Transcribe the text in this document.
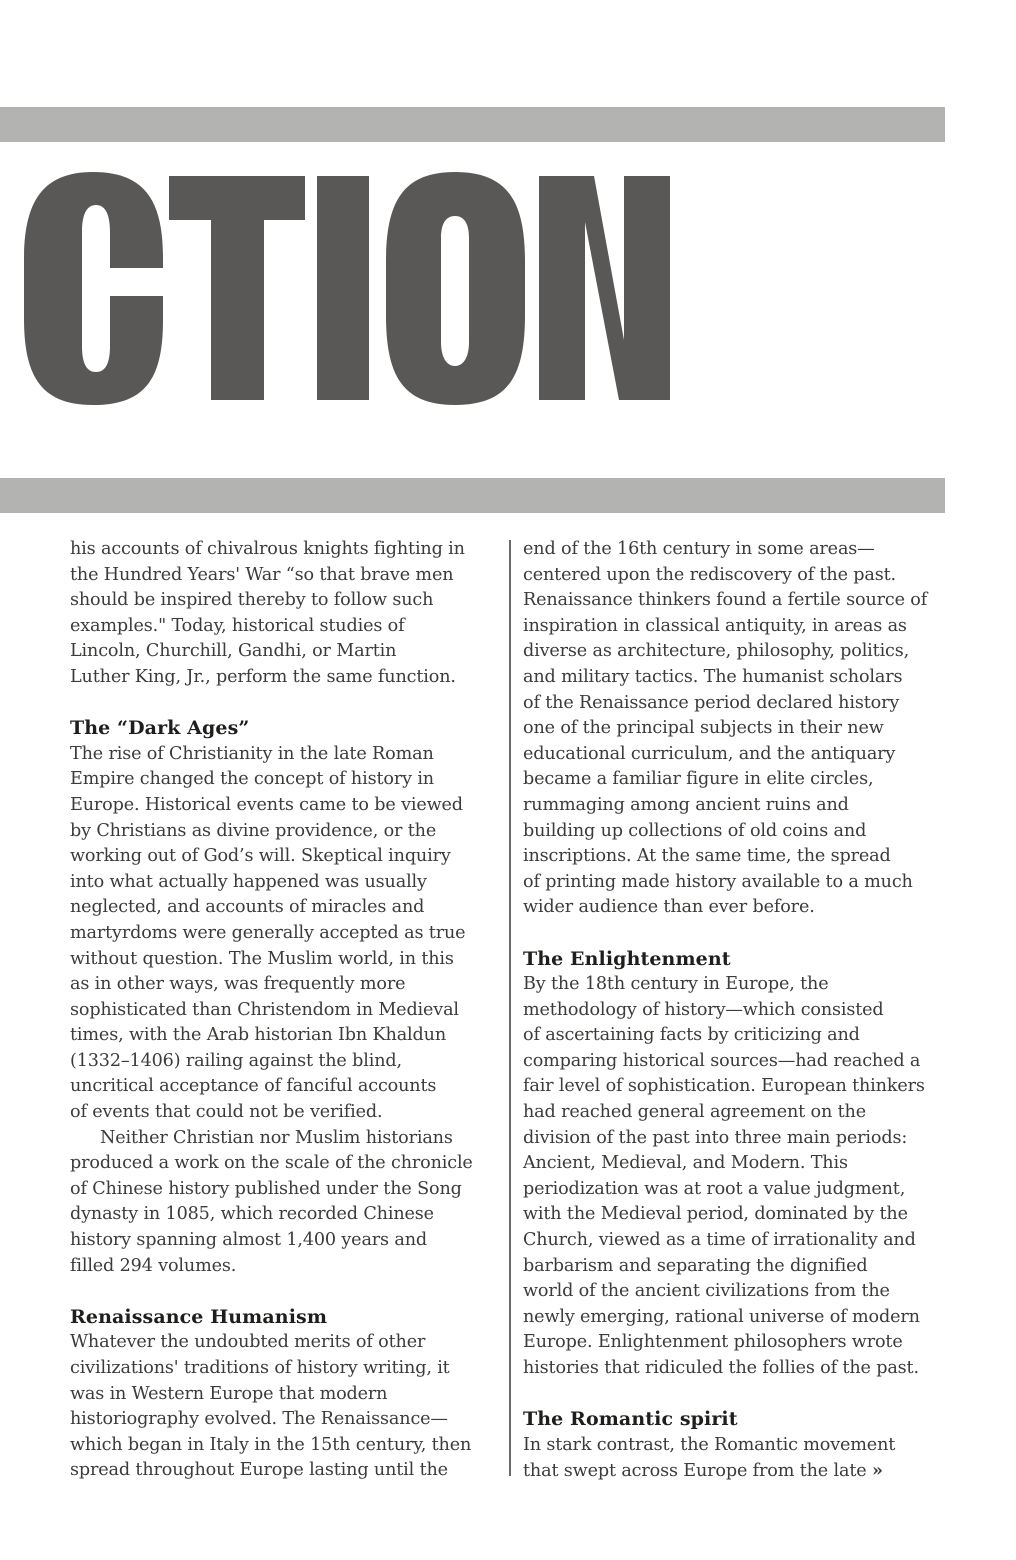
CTION
his accounts of chivalrous knights fighting in
the Hundred Years' War “so that brave men
should be inspired thereby to follow such
examples." Today, historical studies of
Lincoln, Churchill, Gandhi, or Martin
Luther King, Jr., perform the same function.
The “Dark Ages”
The rise of Christianity in the late Roman
Empire changed the concept of history in
Europe. Historical events came to be viewed
by Christians as divine providence, or the
working out of God’s will. Skeptical inquiry
into what actually happened was usually
neglected, and accounts of miracles and
martyrdoms were generally accepted as true
without question. The Muslim world, in this
as in other ways, was frequently more
sophisticated than Christendom in Medieval
times, with the Arab historian Ibn Khaldun
(1332–1406) railing against the blind,
uncritical acceptance of fanciful accounts
of events that could not be verified.
Neither Christian nor Muslim historians
produced a work on the scale of the chronicle
of Chinese history published under the Song
dynasty in 1085, which recorded Chinese
history spanning almost 1,400 years and
filled 294 volumes.
Renaissance Humanism
Whatever the undoubted merits of other
civilizations' traditions of history writing, it
was in Western Europe that modern
historiography evolved. The Renaissance—
which began in Italy in the 15th century, then
spread throughout Europe lasting until the
end of the 16th century in some areas—
centered upon the rediscovery of the past.
Renaissance thinkers found a fertile source of
inspiration in classical antiquity, in areas as
diverse as architecture, philosophy, politics,
and military tactics. The humanist scholars
of the Renaissance period declared history
one of the principal subjects in their new
educational curriculum, and the antiquary
became a familiar figure in elite circles,
rummaging among ancient ruins and
building up collections of old coins and
inscriptions. At the same time, the spread
of printing made history available to a much
wider audience than ever before.
The Enlightenment
By the 18th century in Europe, the
methodology of history—which consisted
of ascertaining facts by criticizing and
comparing historical sources—had reached a
fair level of sophistication. European thinkers
had reached general agreement on the
division of the past into three main periods:
Ancient, Medieval, and Modern. This
periodization was at root a value judgment,
with the Medieval period, dominated by the
Church, viewed as a time of irrationality and
barbarism and separating the dignified
world of the ancient civilizations from the
newly emerging, rational universe of modern
Europe. Enlightenment philosophers wrote
histories that ridiculed the follies of the past.
The Romantic spirit
In stark contrast, the Romantic movement
that swept across Europe from the late »
